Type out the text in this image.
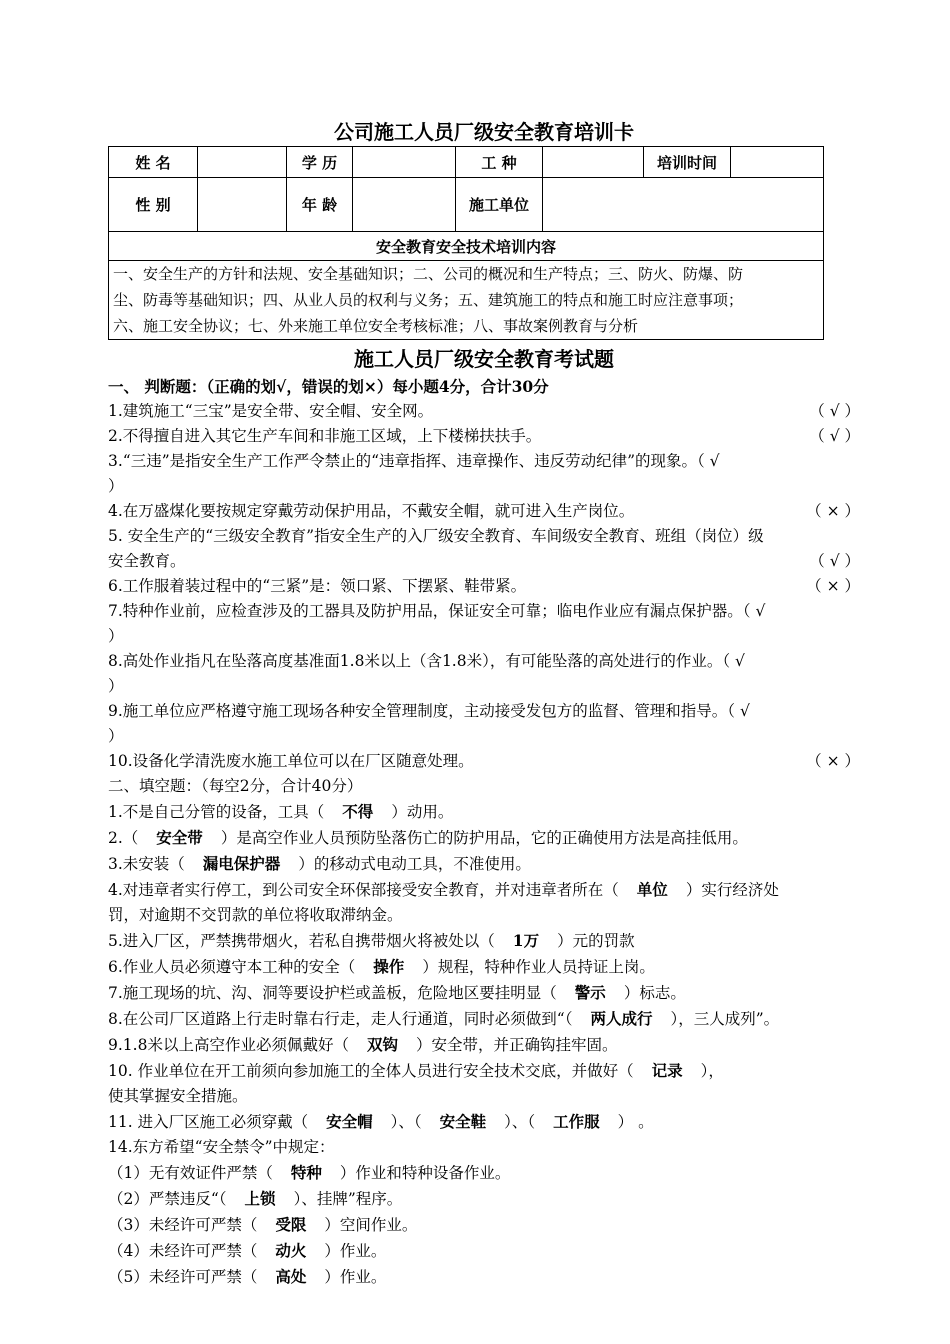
公司施工人员厂级安全教育培训卡
姓 名		学 历		工 种		培训时间	
性 别		年 龄		施工单位			
安全教育安全技术培训内容							

一、安全生产的方针和法规、安全基础知识；二、公司的概况和生产特点；三、防火、防爆、防
尘、防毒等基础知识；四、从业人员的权利与义务；五、建筑施工的特点和施工时应注意事项；
六、施工安全协议；七、外来施工单位安全考核标准；八、事故案例教育与分析							
施工人员厂级安全教育考试题
一、 判断题：（正确的划√，错误的划×）每小题4分，合计30分
1.建筑施工“三宝”是安全带、安全帽、安全网。	（ √ ）
2.不得擅自进入其它生产车间和非施工区域，上下楼梯扶扶手。	（ √ ）
3.“三违”是指安全生产工作严令禁止的“违章指挥、违章操作、违反劳动纪律”的现象。（ √
）
4.在万盛煤化要按规定穿戴劳动保护用品，不戴安全帽，就可进入生产岗位。	（ × ）
5. 安全生产的“三级安全教育”指安全生产的入厂级安全教育、车间级安全教育、班组（岗位）级
安全教育。	（ √ ）
6.工作服着装过程中的“三紧”是：领口紧、下摆紧、鞋带紧。	（ × ）
7.特种作业前，应检查涉及的工器具及防护用品，保证安全可靠；临电作业应有漏点保护器。（ √
）
8.高处作业指凡在坠落高度基准面1.8米以上（含1.8米），有可能坠落的高处进行的作业。（ √
）
9.施工单位应严格遵守施工现场各种安全管理制度，主动接受发包方的监督、管理和指导。（ √
）
10.设备化学清洗废水施工单位可以在厂区随意处理。	（ × ）
二、填空题：（每空2分，合计40分）
1.不是自己分管的设备，工具（ 不得 ）动用。
2.（ 安全带 ）是高空作业人员预防坠落伤亡的防护用品，它的正确使用方法是高挂低用。
3.未安装（ 漏电保护器 ）的移动式电动工具，不准使用。
4.对违章者实行停工，到公司安全环保部接受安全教育，并对违章者所在（ 单位 ）实行经济处
罚，对逾期不交罚款的单位将收取滞纳金。
5.进入厂区，严禁携带烟火，若私自携带烟火将被处以（ 1万 ）元的罚款
6.作业人员必须遵守本工种的安全（ 操作 ）规程，特种作业人员持证上岗。
7.施工现场的坑、沟、洞等要设护栏或盖板，危险地区要挂明显（ 警示 ）标志。
8.在公司厂区道路上行走时靠右行走，走人行通道，同时必须做到“（ 两人成行 ），三人成列”。
9.1.8米以上高空作业必须佩戴好（ 双钩 ）安全带，并正确钩挂牢固。
10. 作业单位在开工前须向参加施工的全体人员进行安全技术交底，并做好（ 记录 ），
使其掌握安全措施。
11. 进入厂区施工必须穿戴（ 安全帽 ）、（ 安全鞋 ）、（ 工作服 ） 。
14.东方希望“安全禁令”中规定：
（1）无有效证件严禁（ 特种 ）作业和特种设备作业。
（2）严禁违反“（ 上锁 ）、挂牌”程序。
（3）未经许可严禁（ 受限 ）空间作业。
（4）未经许可严禁（ 动火 ）作业。
（5）未经许可严禁（ 高处 ）作业。
